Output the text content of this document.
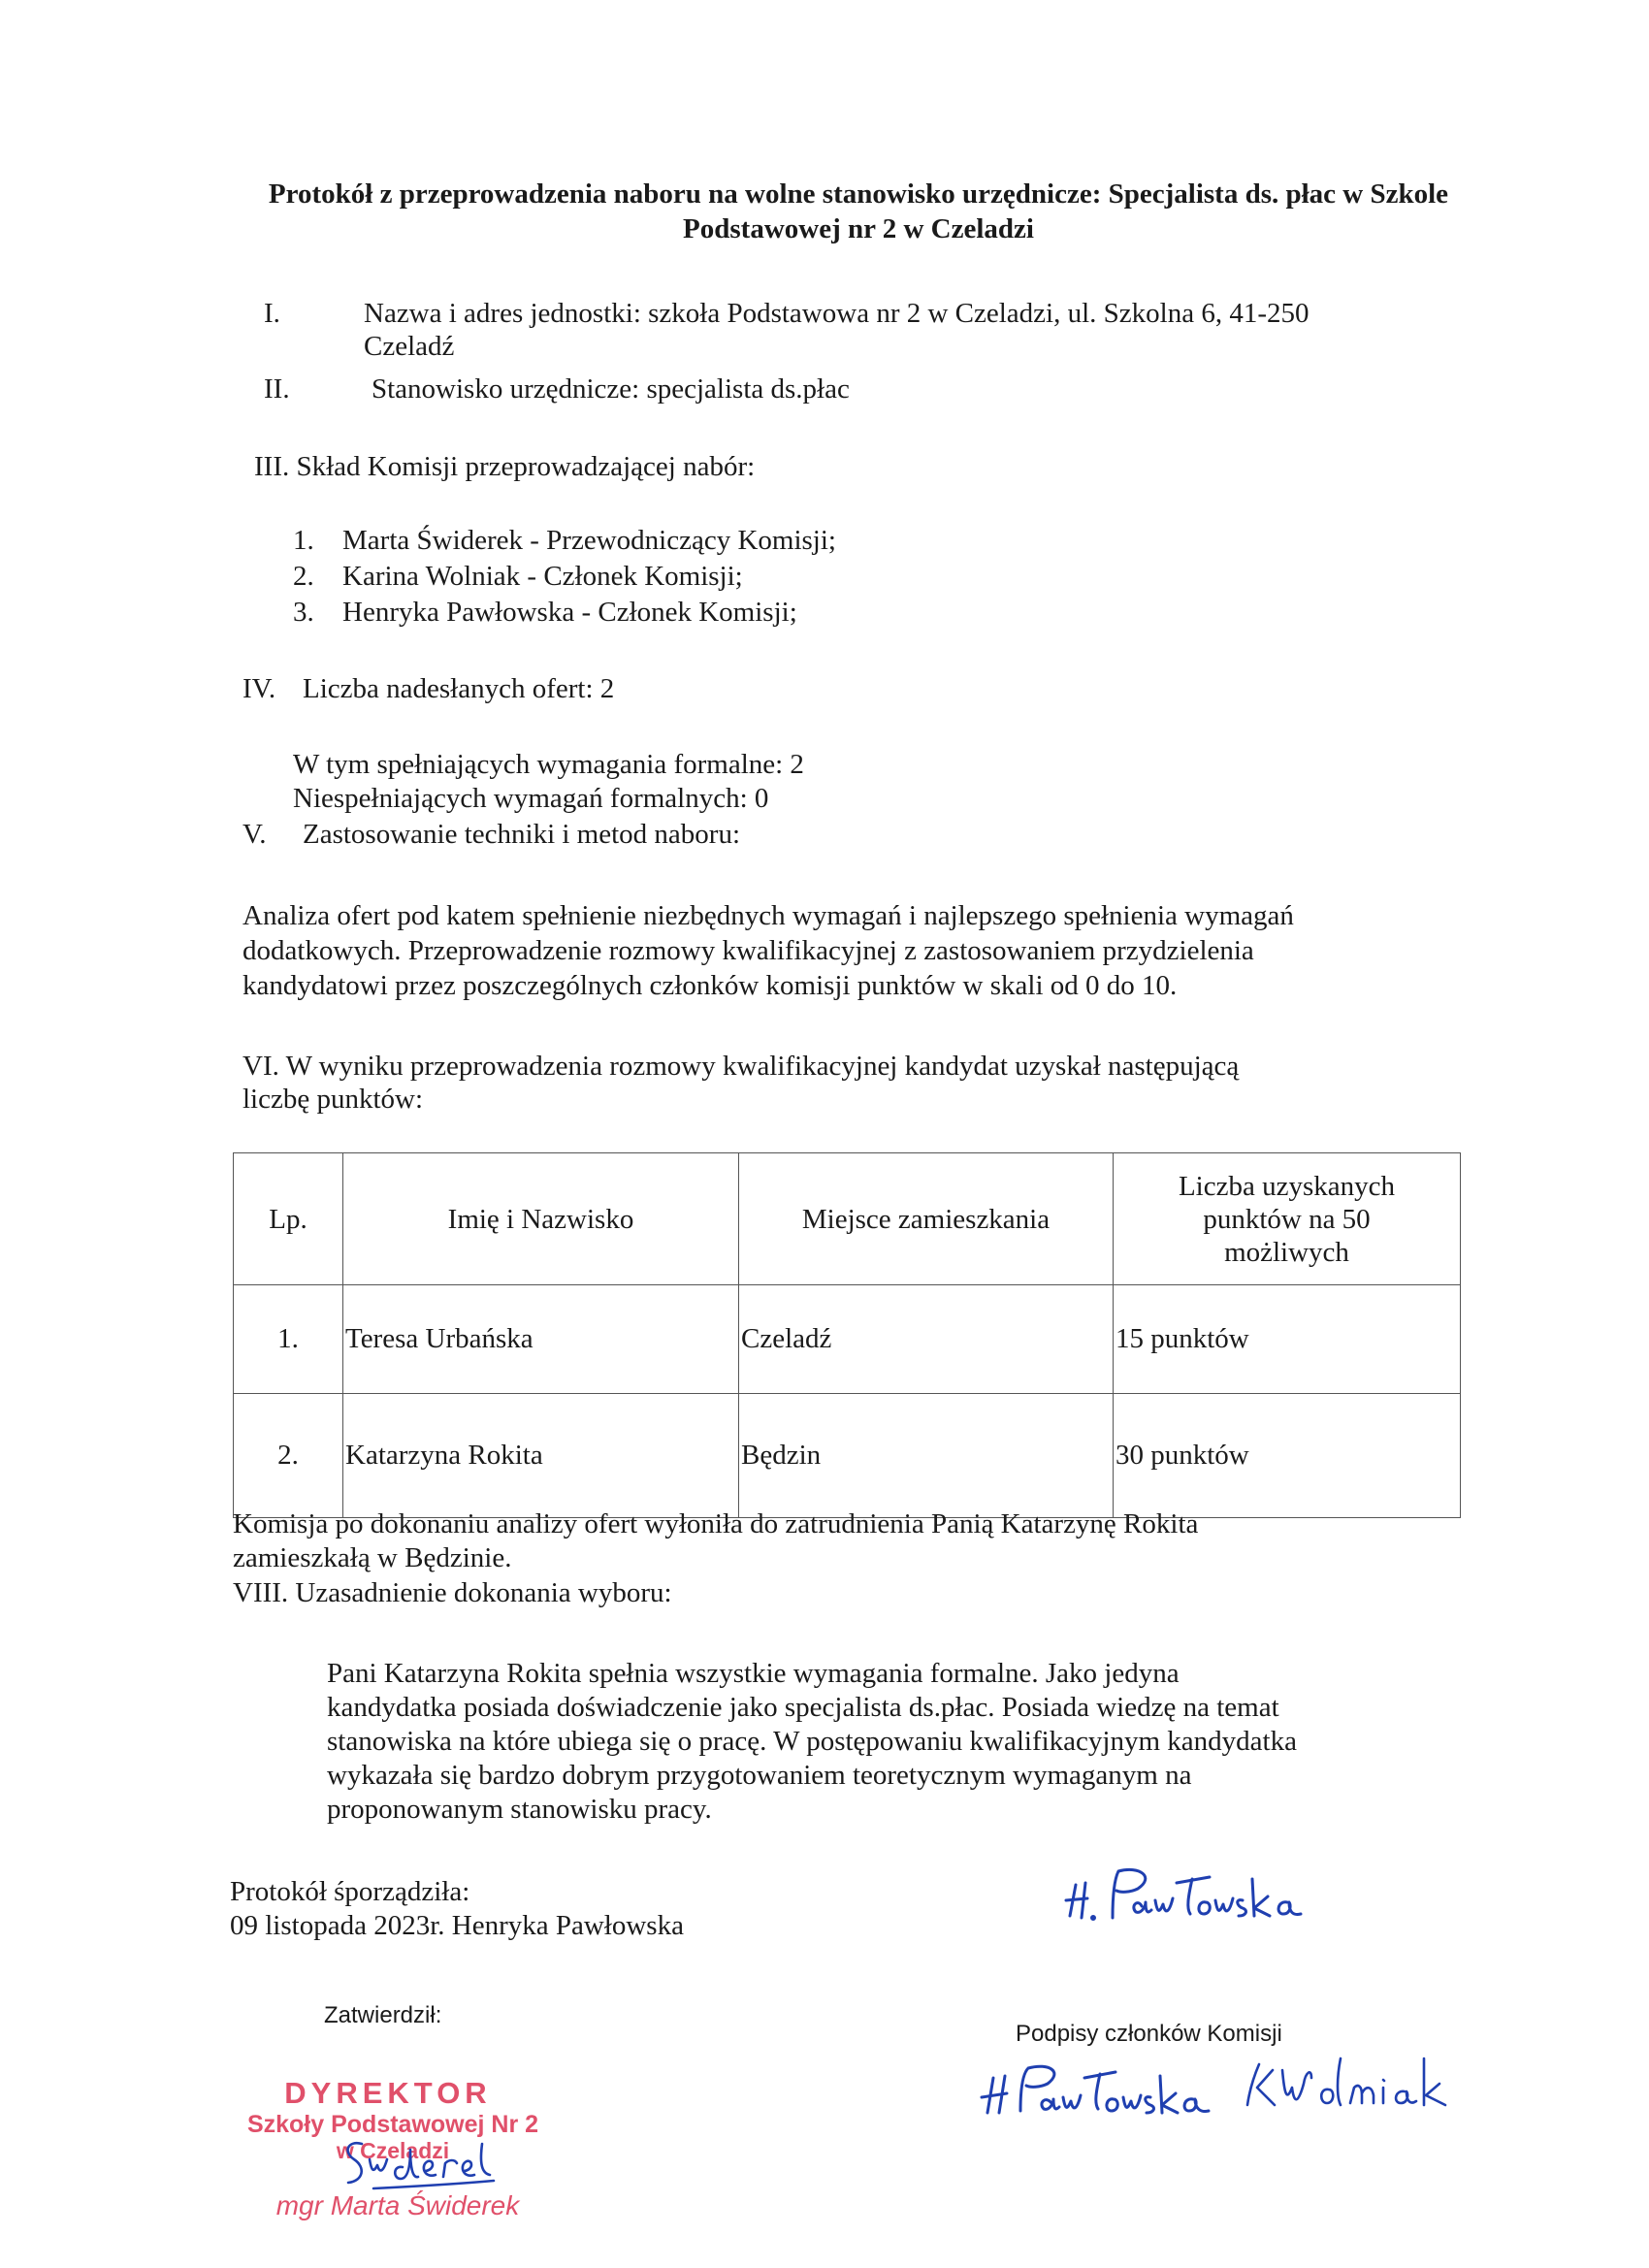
Protokół z przeprowadzenia naboru na wolne stanowisko urzędnicze: Specjalista ds. płac w Szkole Podstawowej nr 2 w Czeladzi
I.	Nazwa i adres jednostki: szkoła Podstawowa nr 2 w Czeladzi, ul. Szkolna 6, 41-250
Czeladź
II.	Stanowisko urzędnicze: specjalista ds.płac
III. Skład Komisji przeprowadzającej nabór:
1. Marta Świderek - Przewodniczący Komisji;
2. Karina Wolniak - Członek Komisji;
3. Henryka Pawłowska - Członek Komisji;
IV. Liczba nadesłanych ofert: 2
W tym spełniających wymagania formalne: 2
Niespełniających wymagań formalnych: 0
V. Zastosowanie techniki i metod naboru:
Analiza ofert pod katem spełnienie niezbędnych wymagań i najlepszego spełnienia wymagań
dodatkowych. Przeprowadzenie rozmowy kwalifikacyjnej z zastosowaniem przydzielenia
kandydatowi przez poszczególnych członków komisji punktów w skali od 0 do 10.
VI. W wyniku przeprowadzenia rozmowy kwalifikacyjnej kandydat uzyskał następującą
liczbę punktów:
Lp.	Imię i Nazwisko	Miejsce zamieszkania	Liczba uzyskanych punktów na 50 możliwych
1.	Teresa Urbańska	Czeladź	15 punktów
2.	Katarzyna Rokita	Będzin	30 punktów
Komisja po dokonaniu analizy ofert wyłoniła do zatrudnienia Panią Katarzynę Rokita
zamieszkałą w Będzinie.
VIII. Uzasadnienie dokonania wyboru:
Pani Katarzyna Rokita spełnia wszystkie wymagania formalne. Jako jedyna
kandydatka posiada doświadczenie jako specjalista ds.płac. Posiada wiedzę na temat
stanowiska na które ubiega się o pracę. W postępowaniu kwalifikacyjnym kandydatka
wykazała się bardzo dobrym przygotowaniem teoretycznym wymaganym na
proponowanym stanowisku pracy.
Protokół śporządziła:
09 listopada 2023r. Henryka Pawłowska
Zatwierdził:
Podpisy członków Komisji
DYREKTOR
Szkoły Podstawowej Nr 2
w Czeladzi
mgr Marta Świderek
